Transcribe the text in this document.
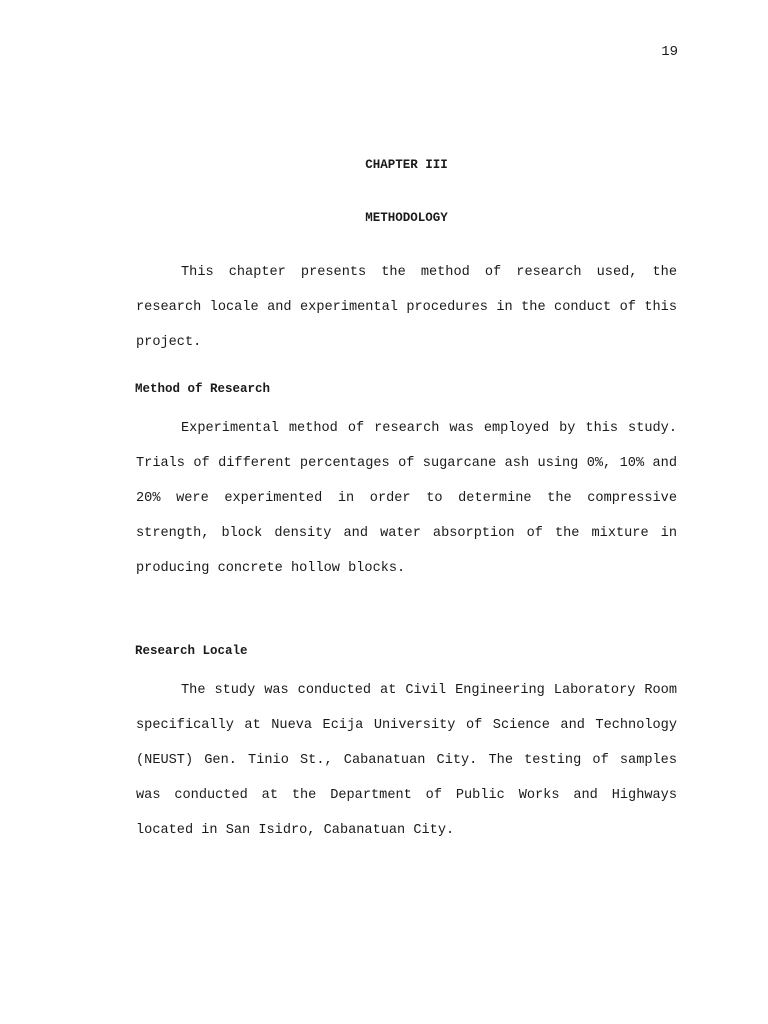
19
CHAPTER III
METHODOLOGY

This chapter presents the method of research used, the research locale and experimental procedures in the conduct of this project.

Method of Research

Experimental method of research was employed by this study. Trials of different percentages of sugarcane ash using 0%, 10% and 20% were experimented in order to determine the compressive strength, block density and water absorption of the mixture in producing concrete hollow blocks.

Research Locale

The study was conducted at Civil Engineering Laboratory Room specifically at Nueva Ecija University of Science and Technology (NEUST) Gen. Tinio St., Cabanatuan City. The testing of samples was conducted at the Department of Public Works and Highways located in San Isidro, Cabanatuan City.
